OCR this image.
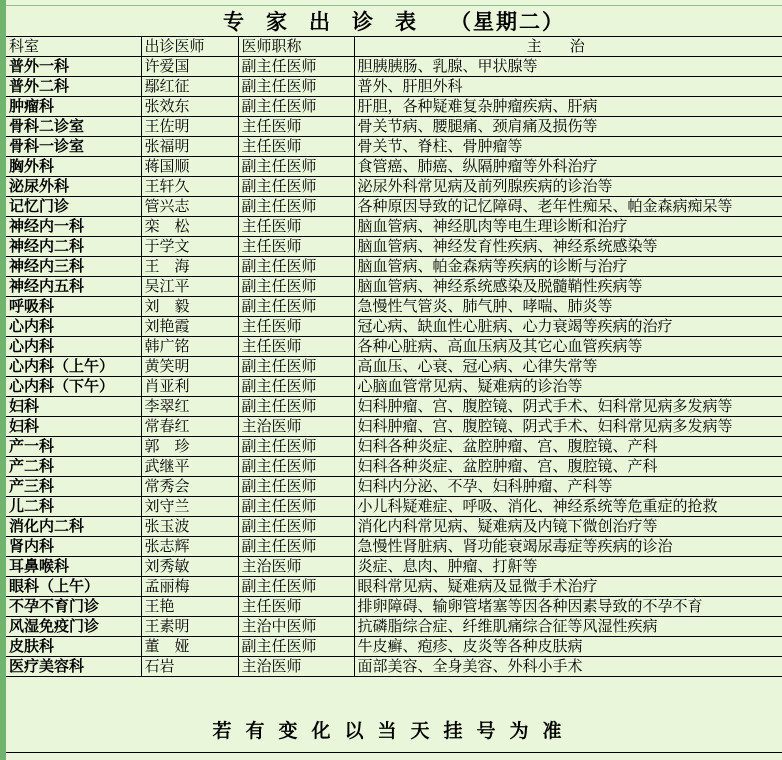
专家出诊表 （星期二）
科室	出诊医师	医师职称	主治
普外一科	许爱国	副主任医师	胆胰胰肠、乳腺、甲状腺等
普外二科	鄢红征	副主任医师	普外、肝胆外科
肿瘤科	张效东	副主任医师	肝胆，各种疑难复杂肿瘤疾病、肝病
骨科二诊室	王佐明	主任医师	骨关节病、腰腿痛、颈肩痛及损伤等
骨科一诊室	张福明	主任医师	骨关节、脊柱、骨肿瘤等
胸外科	蒋国顺	副主任医师	食管癌、肺癌、纵隔肿瘤等外科治疗
泌尿外科	王轩久	副主任医师	泌尿外科常见病及前列腺疾病的诊治等
记忆门诊	管兴志	副主任医师	各种原因导致的记忆障碍、老年性痴呆、帕金森病痴呆等
神经内一科	栾　松	主任医师	脑血管病、神经肌肉等电生理诊断和治疗
神经内二科	于学文	主任医师	脑血管病、神经发育性疾病、神经系统感染等
神经内三科	王　海	副主任医师	脑血管病、帕金森病等疾病的诊断与治疗
神经内五科	吴江平	副主任医师	脑血管病、神经系统感染及脱髓鞘性疾病等
呼吸科	刘　毅	副主任医师	急慢性气管炎、肺气肿、哮喘、肺炎等
心内科	刘艳霞	主任医师	冠心病、缺血性心脏病、心力衰竭等疾病的治疗
心内科	韩广铭	主任医师	各种心脏病、高血压病及其它心血管疾病等
心内科（上午）	黄笑明	副主任医师	高血压、心衰、冠心病、心律失常等
心内科（下午）	肖亚利	副主任医师	心脑血管常见病、疑难病的诊治等
妇科	李翠红	副主任医师	妇科肿瘤、宫、腹腔镜、阴式手术、妇科常见病多发病等
妇科	常春红	主治医师	妇科肿瘤、宫、腹腔镜、阴式手术、妇科常见病多发病等
产一科	郭　珍	副主任医师	妇科各种炎症、盆腔肿瘤、宫、腹腔镜、产科
产二科	武继平	副主任医师	妇科各种炎症、盆腔肿瘤、宫、腹腔镜、产科
产三科	常秀会	副主任医师	妇科内分泌、不孕、妇科肿瘤、产科等
儿二科	刘守兰	副主任医师	小儿科疑难症、呼吸、消化、神经系统等危重症的抢救
消化内二科	张玉波	副主任医师	消化内科常见病、疑难病及内镜下微创治疗等
肾内科	张志辉	副主任医师	急慢性肾脏病、肾功能衰竭尿毒症等疾病的诊治
耳鼻喉科	刘秀敏	主治医师	炎症、息肉、肿瘤、打鼾等
眼科（上午）	孟丽梅	副主任医师	眼科常见病、疑难病及显微手术治疗
不孕不育门诊	王艳	主任医师	排卵障碍、输卵管堵塞等因各种因素导致的不孕不育
风湿免疫门诊	王素明	主治中医师	抗磷脂综合症、纤维肌痛综合征等风湿性疾病
皮肤科	董　娅	副主任医师	牛皮癣、疱疹、皮炎等各种皮肤病
医疗美容科	石岩	主治医师	面部美容、全身美容、外科小手术
若有变化以当天挂号为准
